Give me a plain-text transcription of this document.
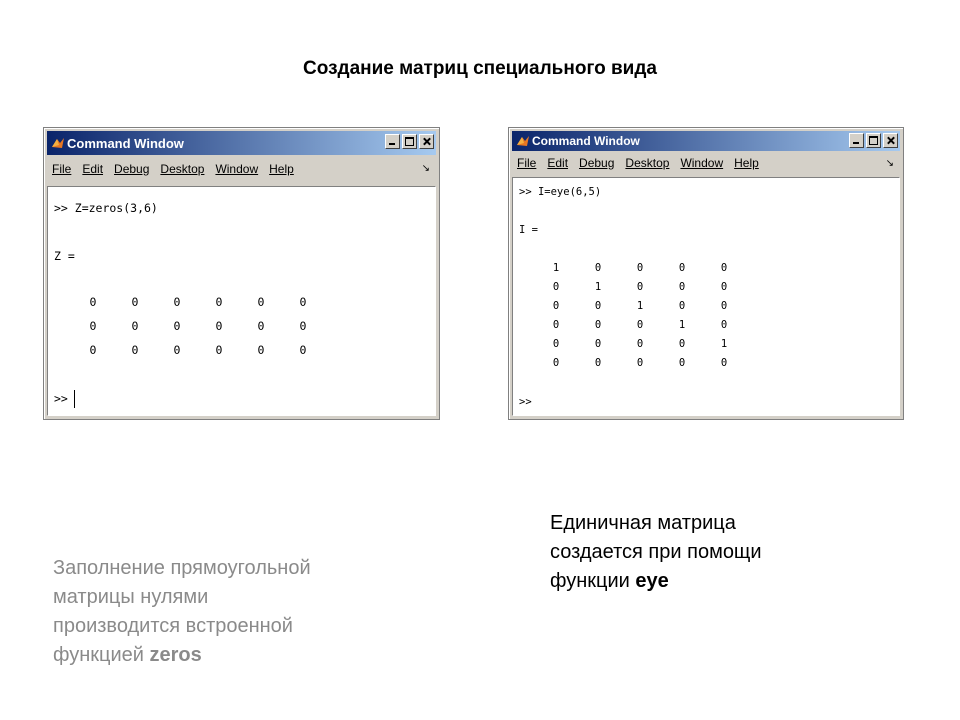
Создание матриц специального вида
Command Window
File Edit Debug Desktop Window Help	↘
>> Z=zeros(3,6)
Z =
>>
0	0	0	0	0	0
0	0	0	0	0	0
0	0	0	0	0	0
Command Window
File Edit Debug Desktop Window Help	↘
>> I=eye(6,5)
I =
>>
1	0	0	0	0
0	1	0	0	0
0	0	1	0	0
0	0	0	1	0
0	0	0	0	1
0	0	0	0	0
Заполнение прямоугольной
матрицы нулями
производится встроенной
функцией zeros
Единичная матрица
создается при помощи
функции eye
